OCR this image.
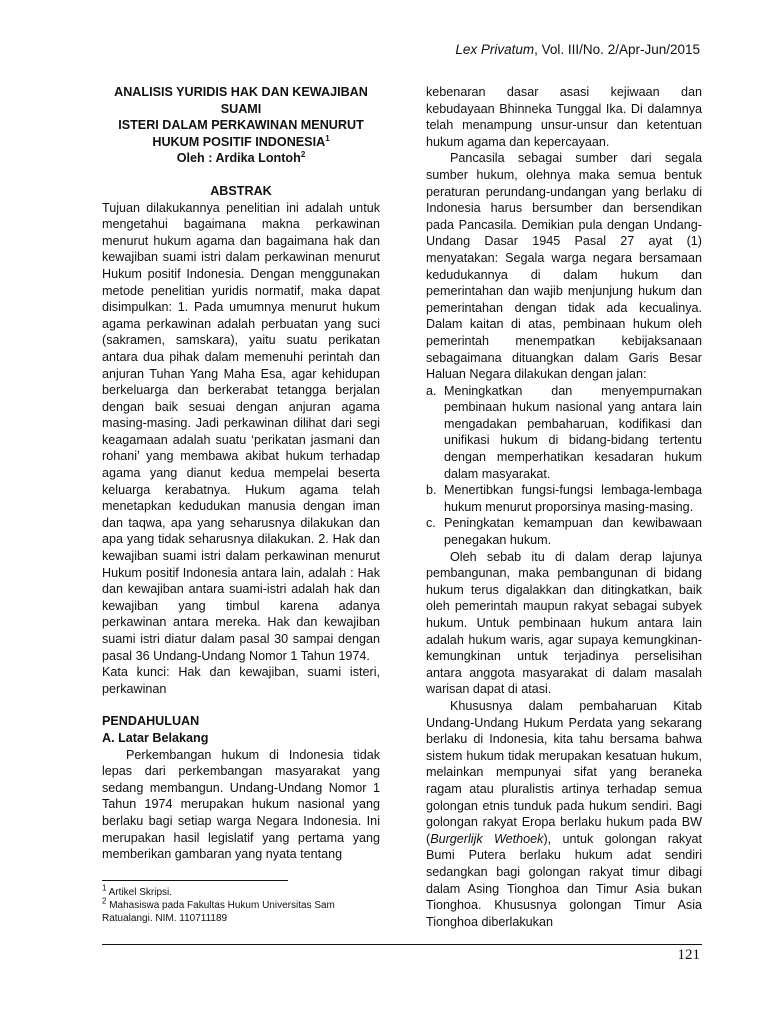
Lex Privatum, Vol. III/No. 2/Apr-Jun/2015
ANALISIS YURIDIS HAK DAN KEWAJIBAN SUAMI
ISTERI DALAM PERKAWINAN MENURUT
HUKUM POSITIF INDONESIA$^1$
Oleh : Ardika Lontoh$^2$
ABSTRAK

Tujuan dilakukannya penelitian ini adalah untuk mengetahui bagaimana makna perkawinan menurut hukum agama dan bagaimana hak dan kewajiban suami istri dalam perkawinan menurut Hukum positif Indonesia. Dengan menggunakan metode penelitian yuridis normatif, maka dapat disimpulkan: 1. Pada umumnya menurut hukum agama perkawinan adalah perbuatan yang suci (sakramen, samskara), yaitu suatu perikatan antara dua pihak dalam memenuhi perintah dan anjuran Tuhan Yang Maha Esa, agar kehidupan berkeluarga dan berkerabat tetangga berjalan dengan baik sesuai dengan anjuran agama masing-masing. Jadi perkawinan dilihat dari segi keagamaan adalah suatu ‘perikatan jasmani dan rohani’ yang membawa akibat hukum terhadap agama yang dianut kedua mempelai beserta keluarga kerabatnya. Hukum agama telah menetapkan kedudukan manusia dengan iman dan taqwa, apa yang seharusnya dilakukan dan apa yang tidak seharusnya dilakukan. 2. Hak dan kewajiban suami istri dalam perkawinan menurut Hukum positif Indonesia antara lain, adalah : Hak dan kewajiban antara suami-istri adalah hak dan kewajiban yang timbul karena adanya perkawinan antara mereka. Hak dan kewajiban suami istri diatur dalam pasal 30 sampai dengan pasal 36 Undang-Undang Nomor 1 Tahun 1974.

Kata kunci: Hak dan kewajiban, suami isteri, perkawinan

PENDAHULUAN
A. Latar Belakang

Perkembangan hukum di Indonesia tidak lepas dari perkembangan masyarakat yang sedang membangun. Undang-Undang Nomor 1 Tahun 1974 merupakan hukum nasional yang berlaku bagi setiap warga Negara Indonesia. Ini merupakan hasil legislatif yang pertama yang memberikan gambaran yang nyata tentang

kebenaran dasar asasi kejiwaan dan kebudayaan Bhinneka Tunggal Ika. Di dalamnya telah menampung unsur-unsur dan ketentuan hukum agama dan kepercayaan.

Pancasila sebagai sumber dari segala sumber hukum, olehnya maka semua bentuk peraturan perundang-undangan yang berlaku di Indonesia harus bersumber dan bersendikan pada Pancasila. Demikian pula dengan Undang-Undang Dasar 1945 Pasal 27 ayat (1) menyatakan: Segala warga negara bersamaan kedudukannya di dalam hukum dan pemerintahan dan wajib menjunjung hukum dan pemerintahan dengan tidak ada kecualinya. Dalam kaitan di atas, pembinaan hukum oleh pemerintah menempatkan kebijaksanaan sebagaimana dituangkan dalam Garis Besar Haluan Negara dilakukan dengan jalan:

a. Meningkatkan dan menyempurnakan pembinaan hukum nasional yang antara lain mengadakan pembaharuan, kodifikasi dan unifikasi hukum di bidang-bidang tertentu dengan memperhatikan kesadaran hukum dalam masyarakat.
b. Menertibkan fungsi-fungsi lembaga-lembaga hukum menurut proporsinya masing-masing.
c. Peningkatan kemampuan dan kewibawaan penegakan hukum.

Oleh sebab itu di dalam derap lajunya pembangunan, maka pembangunan di bidang hukum terus digalakkan dan ditingkatkan, baik oleh pemerintah maupun rakyat sebagai subyek hukum. Untuk pembinaan hukum antara lain adalah hukum waris, agar supaya kemungkinan-kemungkinan untuk terjadinya perselisihan antara anggota masyarakat di dalam masalah warisan dapat di atasi.

Khususnya dalam pembaharuan Kitab Undang-Undang Hukum Perdata yang sekarang berlaku di Indonesia, kita tahu bersama bahwa sistem hukum tidak merupakan kesatuan hukum, melainkan mempunyai sifat yang beraneka ragam atau pluralistis artinya terhadap semua golongan etnis tunduk pada hukum sendiri. Bagi golongan rakyat Eropa berlaku hukum pada BW (Burgerlijk Wethoek), untuk golongan rakyat Bumi Putera berlaku hukum adat sendiri sedangkan bagi golongan rakyat timur dibagi dalam Asing Tionghoa dan Timur Asia bukan Tionghoa. Khususnya golongan Timur Asia Tionghoa diberlakukan

$^1$ Artikel Skripsi.
$^2$ Mahasiswa pada Fakultas Hukum Universitas Sam Ratualangi. NIM. 110711189
121
